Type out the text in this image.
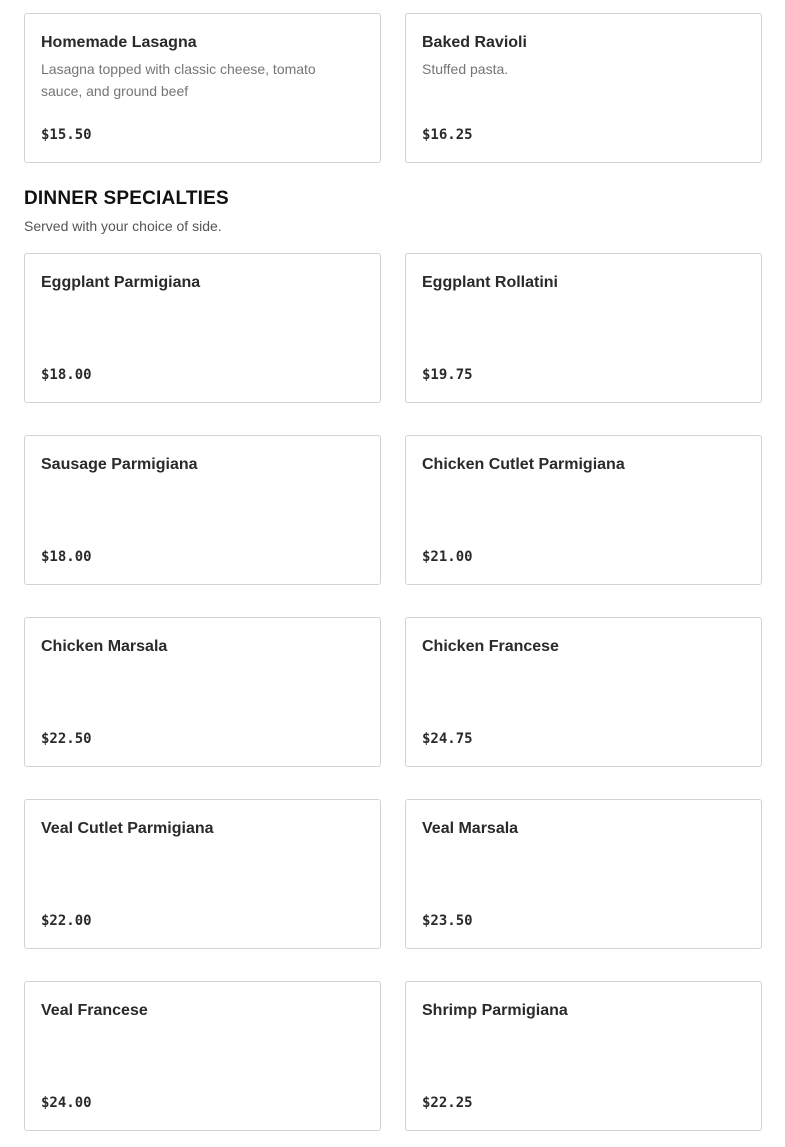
Homemade Lasagna
Lasagna topped with classic cheese, tomato sauce, and ground beef
$15.50
Baked Ravioli
Stuffed pasta.
$16.25
DINNER SPECIALTIES
Served with your choice of side.
Eggplant Parmigiana
$18.00
Eggplant Rollatini
$19.75
Sausage Parmigiana
$18.00
Chicken Cutlet Parmigiana
$21.00
Chicken Marsala
$22.50
Chicken Francese
$24.75
Veal Cutlet Parmigiana
$22.00
Veal Marsala
$23.50
Veal Francese
$24.00
Shrimp Parmigiana
$22.25
